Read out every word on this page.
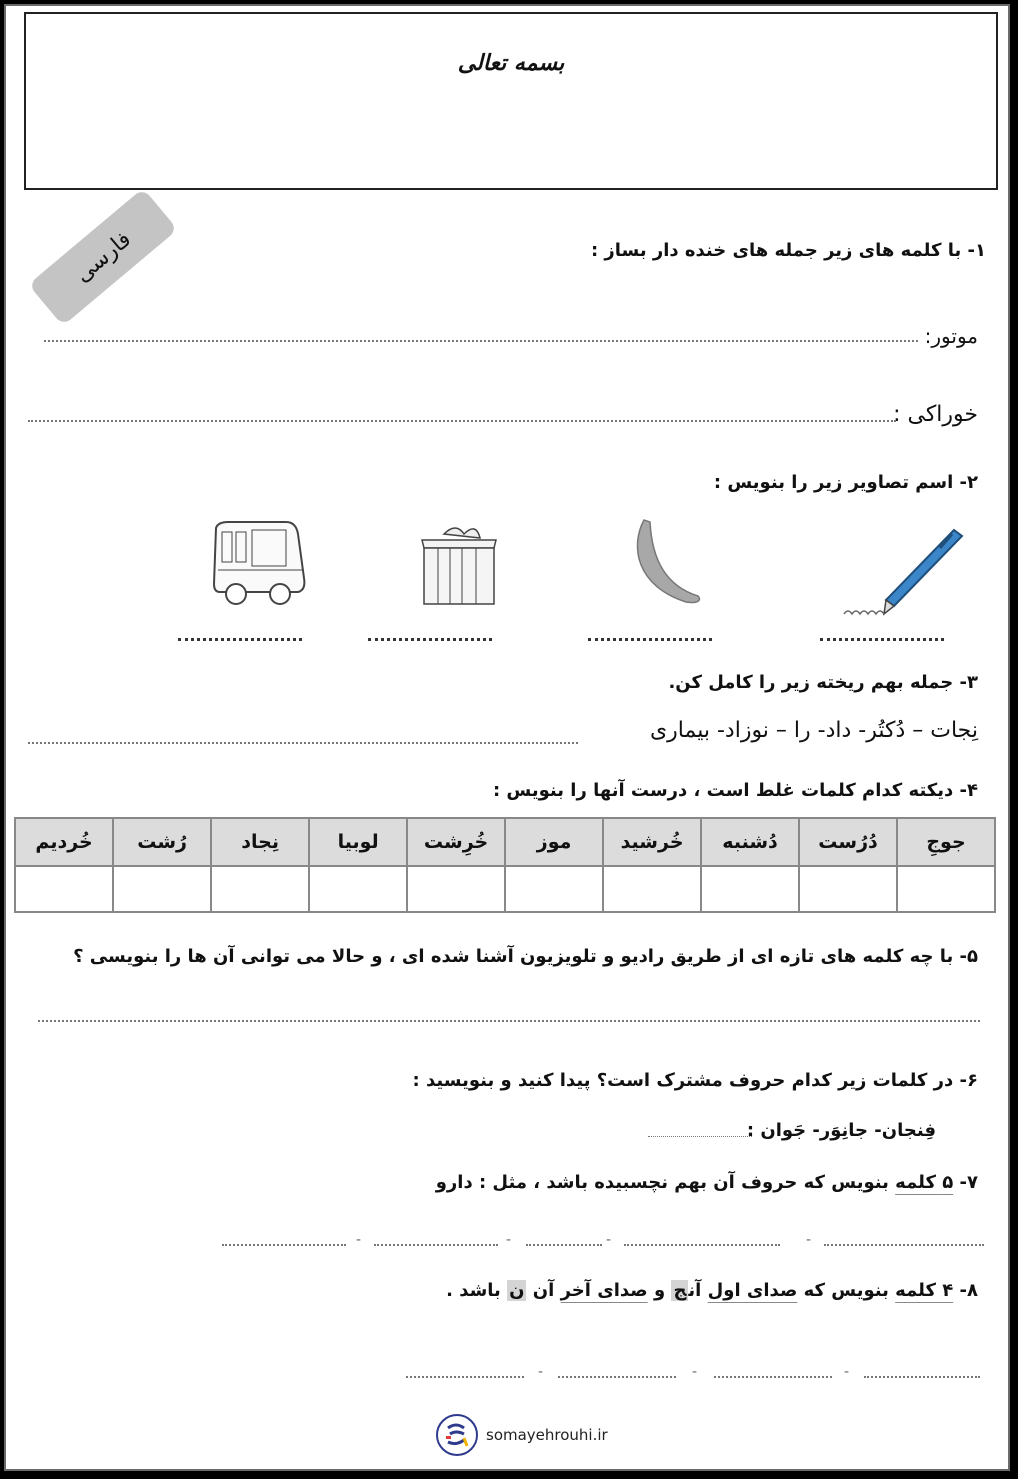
بسمه تعالی
فارسی	۱- با کلمه های زیر جمله های خنده دار بساز :
موتور:
خوراکی :
۲- اسم تصاویر زیر را بنویس :
۳- جمله بهم ریخته زیر را کامل کن.
نِجات – دُکتُر- داد- را – نوزاد- بیماری
۴- دیکته کدام کلمات غلط است ، درست آنها را بنویس :
جوجِ	دُرُست	دُشنبه	خُرشید	موز	خُرِشت	لوبیا	نِجاد	رُشت	خُردیم

۵- با چه کلمه های تازه ای از طریق رادیو و تلویزیون آشنا شده ای ، و حالا می توانی آن ها را بنویسی ؟
۶- در کلمات زیر کدام حروف مشترک است؟ پیدا کنید و بنویسید :
فِنجان- جانِوَر- جَوان :
۷- ۵ کلمه بنویس که حروف آن بهم نچسبیده باشد ، مثل : دارو
-
-
-
-
۸- ۴ کلمه بنویس که صدای اول آنج و صدای آخر آن ن باشد .
-
-
-
somayehrouhi.ir
